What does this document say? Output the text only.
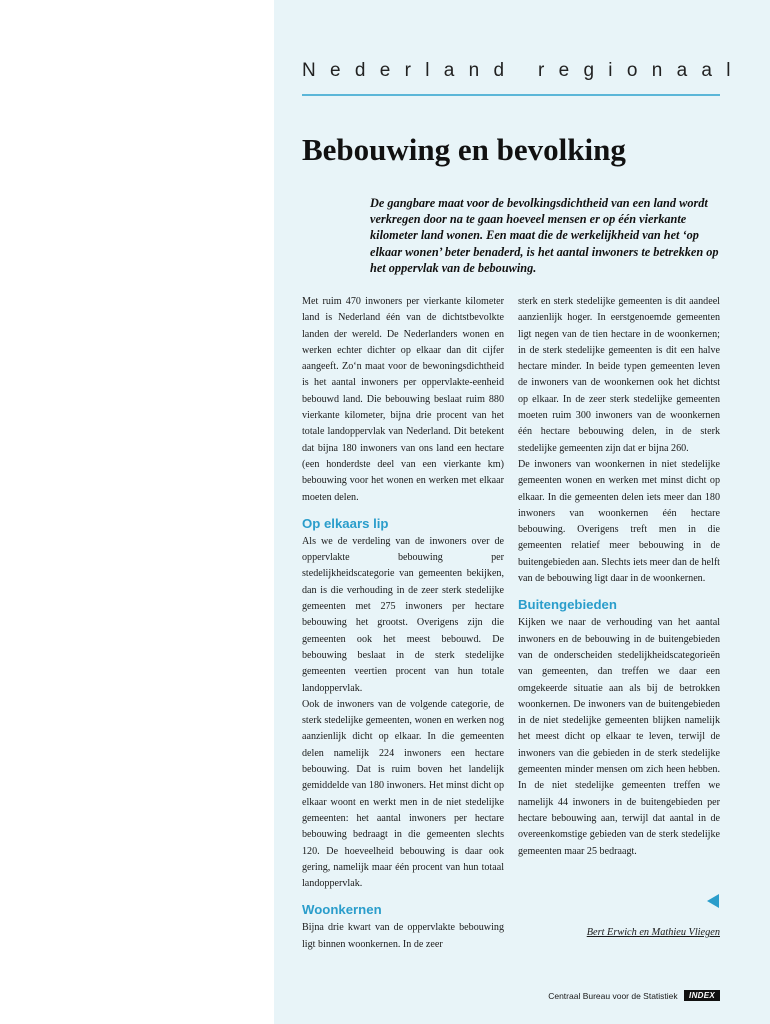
Nederland regionaal
Bebouwing en bevolking
De gangbare maat voor de bevolkingsdichtheid van een land wordt verkregen door na te gaan hoeveel mensen er op één vierkante kilometer land wonen. Een maat die de werkelijkheid van het ‘op elkaar wonen’ beter benaderd, is het aantal inwoners te betrekken op het oppervlak van de bebouwing.

Met ruim 470 inwoners per vierkante kilometer land is Nederland één van de dichtstbevolkte landen der wereld. De Nederlanders wonen en werken echter dichter op elkaar dan dit cijfer aangeeft. Zo‘n maat voor de bewoningsdichtheid is het aantal inwoners per oppervlakte-eenheid bebouwd land. Die bebouwing beslaat ruim 880 vierkante kilometer, bijna drie procent van het totale landoppervlak van Nederland. Dit betekent dat bijna 180 inwoners van ons land een hectare (een honderdste deel van een vierkante km) bebouwing voor het wonen en werken met elkaar moeten delen.

Op elkaars lip

Als we de verdeling van de inwoners over de oppervlakte bebouwing per stedelijkheidscategorie van gemeenten bekijken, dan is die verhouding in de zeer sterk stedelijke gemeenten met 275 inwoners per hectare bebouwing het grootst. Overigens zijn die gemeenten ook het meest bebouwd. De bebouwing beslaat in de sterk stedelijke gemeenten veertien procent van hun totale landoppervlak.

Ook de inwoners van de volgende categorie, de sterk stedelijke gemeenten, wonen en werken nog aanzienlijk dicht op elkaar. In die gemeenten delen namelijk 224 inwoners een hectare bebouwing. Dat is ruim boven het landelijk gemiddelde van 180 inwoners. Het minst dicht op elkaar woont en werkt men in de niet stedelijke gemeenten: het aantal inwoners per hectare bebouwing bedraagt in die gemeenten slechts 120. De hoeveelheid bebouwing is daar ook gering, namelijk maar één procent van hun totaal landoppervlak.

Woonkernen

Bijna drie kwart van de oppervlakte bebouwing ligt binnen woonkernen. In de zeer

sterk en sterk stedelijke gemeenten is dit aandeel aanzienlijk hoger. In eerstgenoemde gemeenten ligt negen van de tien hectare in de woonkernen; in de sterk stedelijke gemeenten is dit een halve hectare minder. In beide typen gemeenten leven de inwoners van de woonkernen ook het dichtst op elkaar. In de zeer sterk stedelijke gemeenten moeten ruim 300 inwoners van de woonkernen één hectare bebouwing delen, in de sterk stedelijke gemeenten zijn dat er bijna 260.

De inwoners van woonkernen in niet stedelijke gemeenten wonen en werken met minst dicht op elkaar. In die gemeenten delen iets meer dan 180 inwoners van woonkernen één hectare bebouwing. Overigens treft men in die gemeenten relatief meer bebouwing in de buitengebieden aan. Slechts iets meer dan de helft van de bebouwing ligt daar in de woonkernen.

Buitengebieden

Kijken we naar de verhouding van het aantal inwoners en de bebouwing in de buitengebieden van de onderscheiden stedelijkheidscategorieën van gemeenten, dan treffen we daar een omgekeerde situatie aan als bij de betrokken woonkernen. De inwoners van de buitengebieden in de niet stedelijke gemeenten blijken namelijk het meest dicht op elkaar te leven, terwijl de inwoners van die gebieden in de sterk stedelijke gemeenten minder mensen om zich heen hebben. In de niet stedelijke gemeenten treffen we namelijk 44 inwoners in de buitengebieden per hectare bebouwing aan, terwijl dat aantal in de overeenkomstige gebieden van de sterk stedelijke gemeenten maar 25 bedraagt.

Bert Erwich en Mathieu Vliegen
Centraal Bureau voor de Statistiek INDEX
